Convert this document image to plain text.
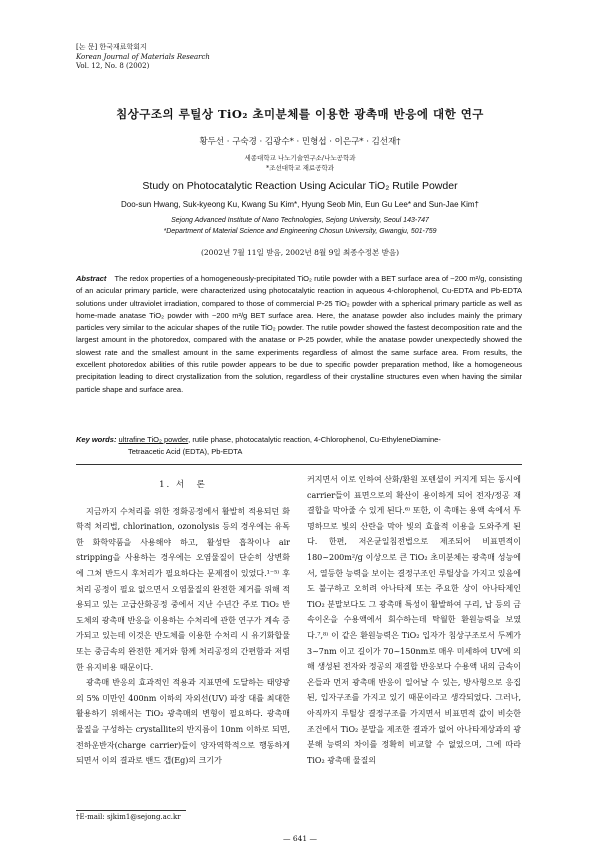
[논 문] 한국재료학회지
Korean Journal of Materials Research
Vol. 12, No. 8 (2002)
침상구조의 루틸상 TiO₂ 초미분체를 이용한 광촉매 반응에 대한 연구
황두선 · 구숙경 · 김광수* · 민형섭 · 이은구* · 김선재†
세종대학교 나노기술연구소/나노공학과
*조선대학교 재료공학과
Study on Photocatalytic Reaction Using Acicular TiO₂ Rutile Powder
Doo-sun Hwang, Suk-kyeong Ku, Kwang Su Kim*, Hyung Seob Min, Eun Gu Lee* and Sun-Jae Kim†
Sejong Advanced Institute of Nano Technologies, Sejong University, Seoul 143-747
*Department of Material Science and Engineering Chosun University, Gwangju, 501-759
(2002년 7월 11일 받음, 2002년 8월 9일 최종수정본 받음)
Abstract The redox properties of a homogeneously-precipitated TiO₂ rutile powder with a BET surface area of ~200 m²/g, consisting of an acicular primary particle, were characterized using photocatalytic reaction in aqueous 4-chlorophenol, Cu-EDTA and Pb-EDTA solutions under ultraviolet irradiation, compared to those of commercial P-25 TiO₂ powder with a spherical primary particle as well as home-made anatase TiO₂ powder with ~200 m²/g BET surface area. Here, the anatase powder also includes mainly the primary particles very similar to the acicular shapes of the rutile TiO₂ powder. The rutile powder showed the fastest decomposition rate and the largest amount in the photoredox, compared with the anatase or P-25 powder, while the anatase powder unexpectedly showed the slowest rate and the smallest amount in the same experiments regardless of almost the same surface area. From results, the excellent photoredox abilities of this rutile powder appears to be due to specific powder preparation method, like a homogeneous precipitation leading to direct crystallization from the solution, regardless of their crystalline structures even when having the similar particle shape and surface area.
Key words: ultrafine TiO₂ powder, rutile phase, photocatalytic reaction, 4-Chlorophenol, Cu-EthyleneDiamine-
Tetraacetic Acid (EDTA), Pb-EDTA
1. 서　론

지금까지 수처리를 위한 정화공정에서 활발히 적용되던 화학적 처리법, chlorination, ozonolysis 등의 경우에는 유독한 화학약품을 사용해야 하고, 활성탄 흡착이나 air stripping을 사용하는 경우에는 오염물질이 단순히 상변화 에 그쳐 반드시 후처리가 필요하다는 문제점이 있었다.¹⁻⁵⁾ 후처리 공정이 필요 없으면서 오염물질의 완전한 제거를 위해 적용되고 있는 고급산화공정 중에서 지난 수년간 주로 TiO₂ 반도체의 광촉매 반응을 이용하는 수처리에 관한 연구가 계속 증가되고 있는데 이것은 반도체를 이용한 수처리 시 유기화합물 또는 중금속의 완전한 제거와 함께 처리공정의 간편함과 저렴한 유지비용 때문이다.

광촉매 반응의 효과적인 적용과 지표면에 도달하는 태양광의 5% 미만인 400nm 이하의 자외선(UV) 파장 대를 최대한 활용하기 위해서는 TiO₂ 광촉매의 변형이 필요하다. 광촉매 물질을 구성하는 crystallite의 반지름이 10nm 이하로 되면, 전하운반자(charge carrier)들이 양자역학적으로 행동하게 되면서 이의 결과로 밴드 갭(Eg)의 크기가

커지면서 이로 인하여 산화/환원 포텐셜이 커지게 되는 동시에 carrier들이 표면으로의 확산이 용이하게 되어 전자/정공 재결합을 막아줄 수 있게 된다.⁶⁾ 또한, 이 촉매는 용액 속에서 투명하므로 빛의 산란을 막아 빛의 효율적 이용을 도와주게 된다. 한편, 저온균일침전법으로 제조되어 비표면적이 180~200m²/g 이상으로 큰 TiO₂ 초미분체는 광촉매 성능에서, 열등한 능력을 보이는 결정구조인 루틸상을 가지고 있음에도 불구하고 오히려 아나타제 또는 주요한 상이 아나타제인 TiO₂ 분말보다도 그 광촉매 특성이 활발하여 구리, 납 등의 금속이온을 수용액에서 회수하는데 탁월한 환원능력을 보였다.⁷,⁸⁾ 이 같은 환원능력은 TiO₂ 입자가 침상구조로서 두께가 3~7nm 이고 길이가 70~150nm로 매우 미세하여 UV에 의해 생성된 전자와 정공의 재결합 반응보다 수용액 내의 금속이온들과 먼저 광촉매 반응이 일어날 수 있는, 방사형으로 응집된, 입자구조를 가지고 있기 때문이라고 생각되었다. 그러나, 아직까지 루틸상 결정구조를 가지면서 비표면적 값이 비슷한 조건에서 TiO₂ 분말을 제조한 결과가 없어 아나타제상과의 광분해 능력의 차이를 정확히 비교할 수 없었으며, 그에 따라 TiO₂ 광촉매 물질의

†E-mail: sjkim1@sejong.ac.kr
— 641 —
